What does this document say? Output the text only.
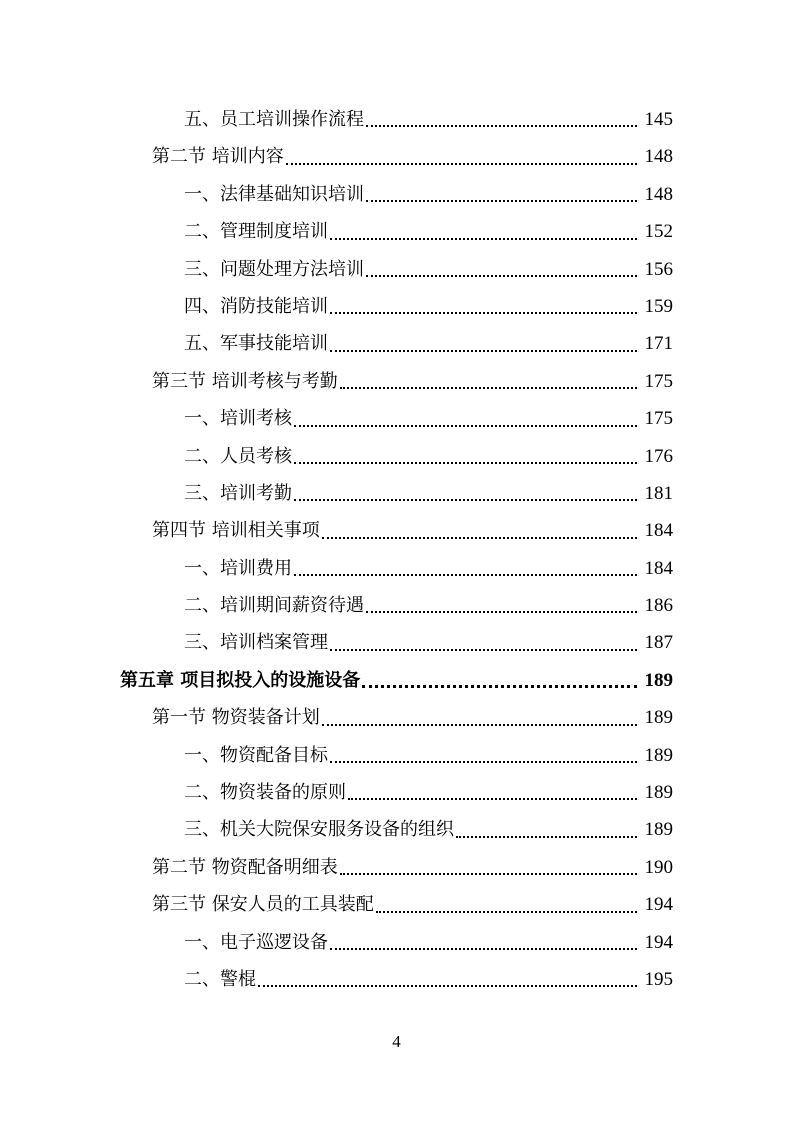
五、员工培训操作流程	145
第二节 培训内容	148
一、法律基础知识培训	148
二、管理制度培训	152
三、问题处理方法培训	156
四、消防技能培训	159
五、军事技能培训	171
第三节 培训考核与考勤	175
一、培训考核	175
二、人员考核	176
三、培训考勤	181
第四节 培训相关事项	184
一、培训费用	184
二、培训期间薪资待遇	186
三、培训档案管理	187
第五章 项目拟投入的设施设备	189
第一节 物资装备计划	189
一、物资配备目标	189
二、物资装备的原则	189
三、机关大院保安服务设备的组织	189
第二节 物资配备明细表	190
第三节 保安人员的工具装配	194
一、电子巡逻设备	194
二、警棍	195
4
